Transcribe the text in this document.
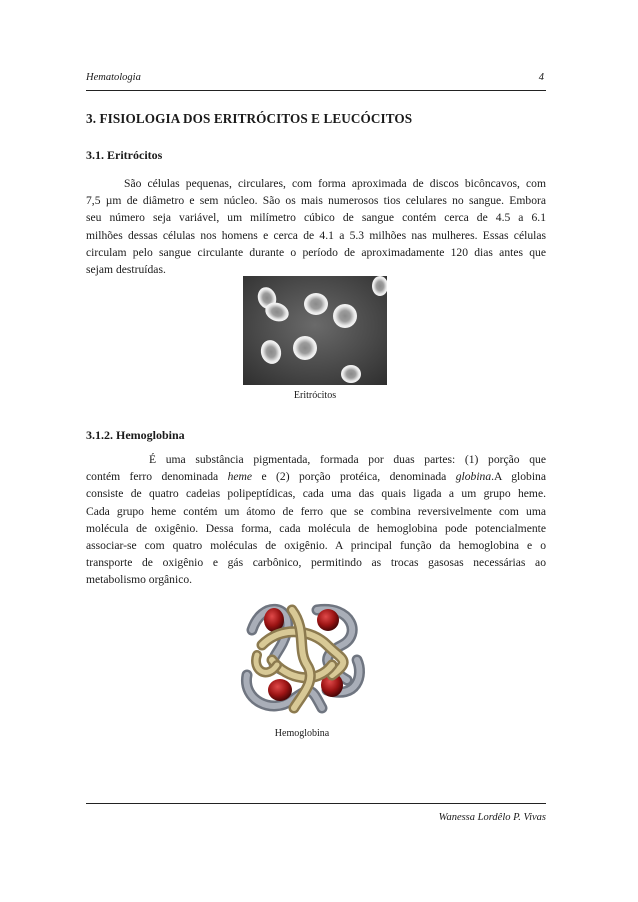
Hematologia	4
3. FISIOLOGIA DOS ERITRÓCITOS E LEUCÓCITOS
3.1. Eritrócitos

São células pequenas, circulares, com forma aproximada de discos bicôncavos, com
7,5 µm de diâmetro e sem núcleo. São os mais numerosos tios celulares no sangue. Embora
seu número seja variável, um milímetro cúbico de sangue contém cerca de 4.5 a 6.1
milhões dessas células nos homens e cerca de 4.1 a 5.3 milhões nas mulheres. Essas células
circulam pelo sangue circulante durante o período de aproximadamente 120 dias antes que
sejam destruídas.

Eritrócitos
3.1.2. Hemoglobina

É uma substância pigmentada, formada por duas partes: (1) porção que
contém ferro denominada heme e (2) porção protéica, denominada globina.A globina
consiste de quatro cadeias polipeptídicas, cada uma das quais ligada a um grupo heme.
Cada grupo heme contém um átomo de ferro que se combina reversivelmente com uma
molécula de oxigênio. Dessa forma, cada molécula de hemoglobina pode potencialmente
associar-se com quatro moléculas de oxigênio. A principal função da hemoglobina e o
transporte de oxigênio e gás carbônico, permitindo as trocas gasosas necessárias ao
metabolismo orgânico.

Hemoglobina
Wanessa Lordêlo P. Vivas
